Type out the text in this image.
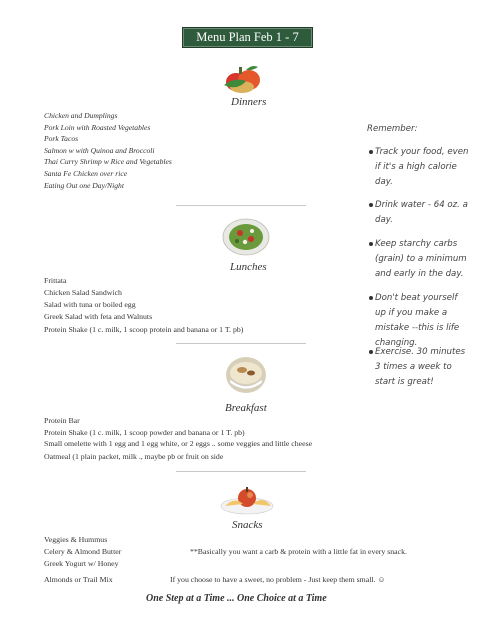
Menu Plan Feb 1 - 7
Dinners
Chicken and Dumplings
Pork Loin with Roasted Vegetables
Pork Tacos
Salmon w with Quinoa and Broccoli
Thai Curry Shrimp w Rice and Vegetables
Santa Fe Chicken over rice
Eating Out one Day/Night
Lunches
Frittata
Chicken Salad Sandwich
Salad with tuna or boiled egg
Greek Salad with feta and Walnuts
Protein Shake (1 c. milk, 1 scoop protein and banana or 1 T. pb)
Breakfast
Protein Bar
Protein Shake (1 c. milk, 1 scoop powder and banana or 1 T. pb)
Small omelette with 1 egg and 1 egg white, or 2 eggs .. some veggies and little cheese
Oatmeal (1 plain packet, milk ., maybe pb or fruit on side
Snacks
Veggies & Hummus
Celery & Almond Butter
Greek Yogurt w/ Honey
Almonds or Trail Mix
**Basically you want a carb & protein with a little fat in every snack.
If you choose to have a sweet, no problem - Just keep them small. ☺
Remember:
Track your food, even if it's a high calorie day.
Drink water - 64 oz. a day.
Keep starchy carbs (grain) to a minimum and early in the day.
Don't beat yourself up if you make a mistake --this is life changing.
Exercise. 30 minutes 3 times a week to start is great!
One Step at a Time ... One Choice at a Time
